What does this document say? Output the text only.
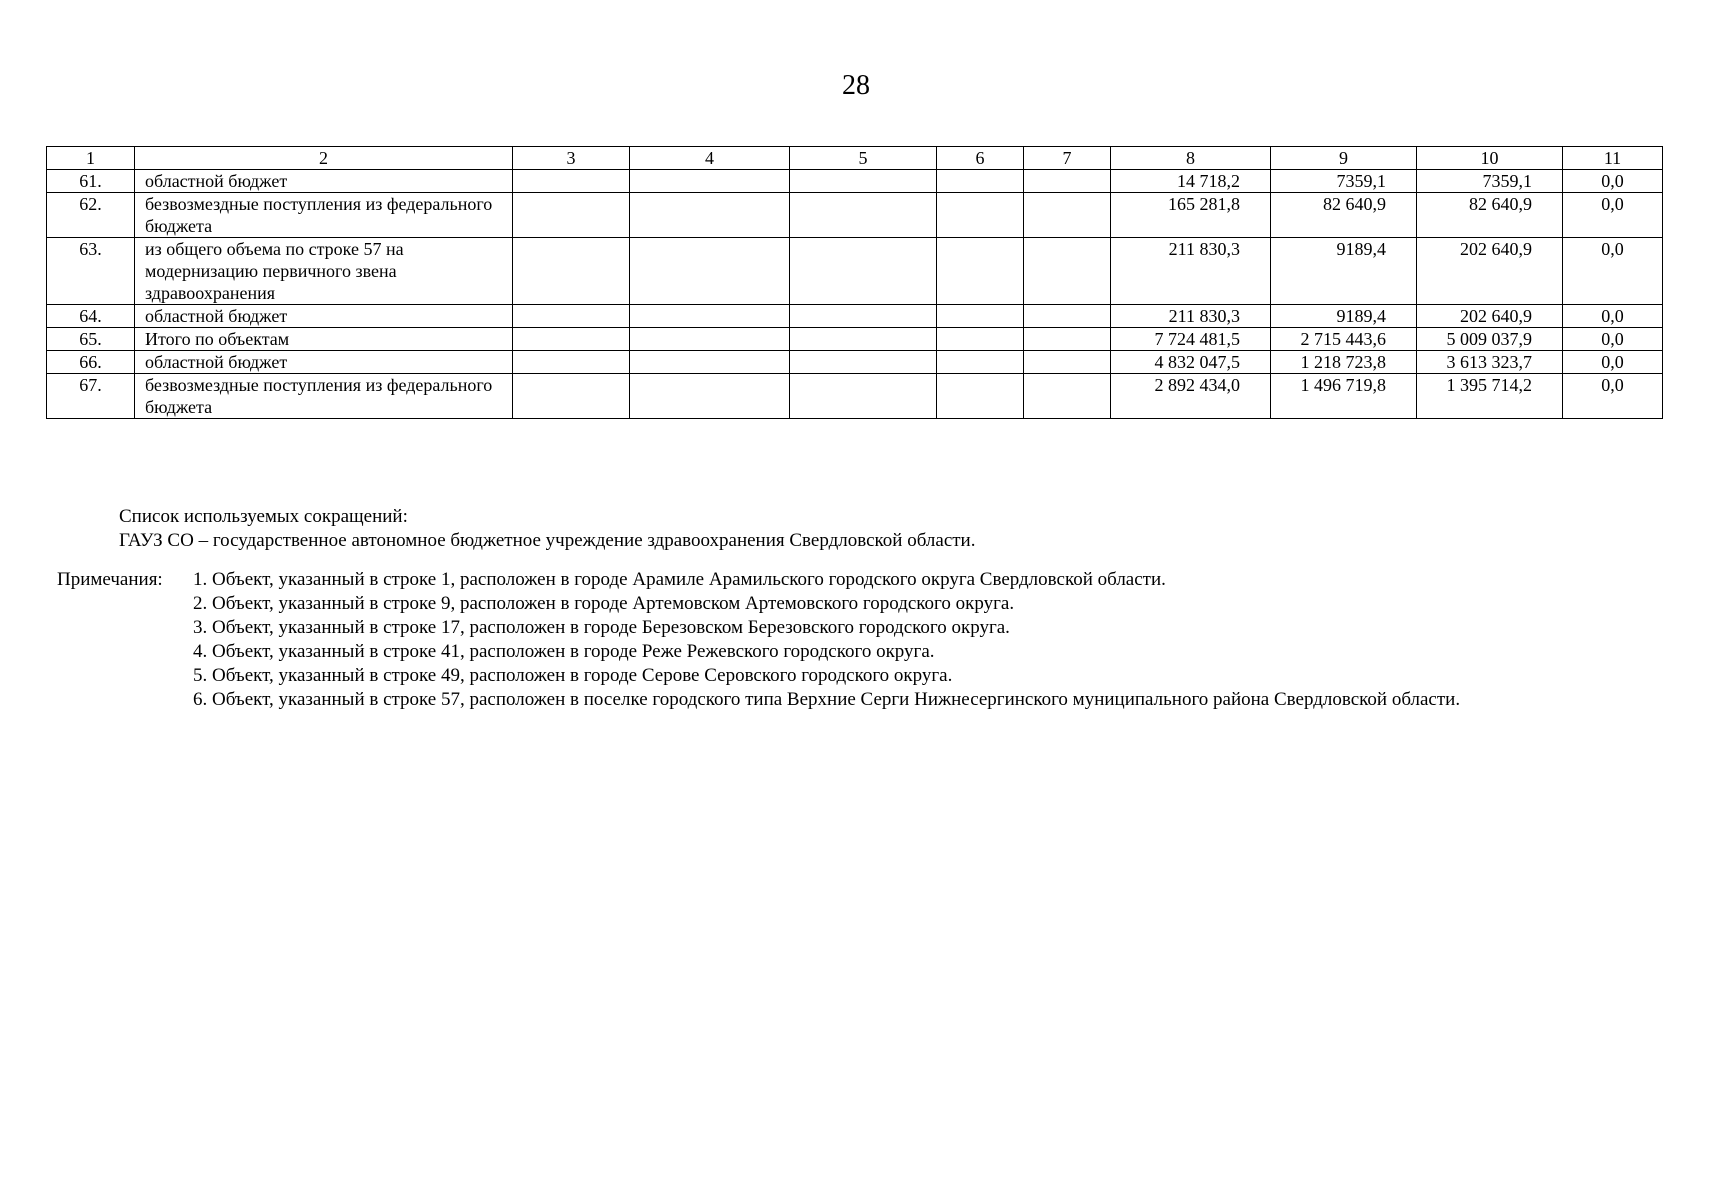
28
1	2	3	4	5	6	7	8	9	10	11
61.	областной бюджет						14 718,2	7359,1	7359,1	0,0
62.	безвозмездные поступления из федерального бюджета						165 281,8	82 640,9	82 640,9	0,0
63.	из общего объема по строке 57 на модернизацию первичного звена здравоохранения						211 830,3	9189,4	202 640,9	0,0
64.	областной бюджет						211 830,3	9189,4	202 640,9	0,0
65.	Итого по объектам						7 724 481,5	2 715 443,6	5 009 037,9	0,0
66.	областной бюджет						4 832 047,5	1 218 723,8	3 613 323,7	0,0
67.	безвозмездные поступления из федерального бюджета						2 892 434,0	1 496 719,8	1 395 714,2	0,0
Список используемых сокращений:
ГАУЗ СО – государственное автономное бюджетное учреждение здравоохранения Свердловской области.
Примечания: 1. Объект, указанный в строке 1, расположен в городе Арамиле Арамильского городского округа Свердловской области.
2. Объект, указанный в строке 9, расположен в городе Артемовском Артемовского городского округа.
3. Объект, указанный в строке 17, расположен в городе Березовском Березовского городского округа.
4. Объект, указанный в строке 41, расположен в городе Реже Режевского городского округа.
5. Объект, указанный в строке 49, расположен в городе Серове Серовского городского округа.
6. Объект, указанный в строке 57, расположен в поселке городского типа Верхние Серги Нижнесергинского муниципального района Свердловской области.
